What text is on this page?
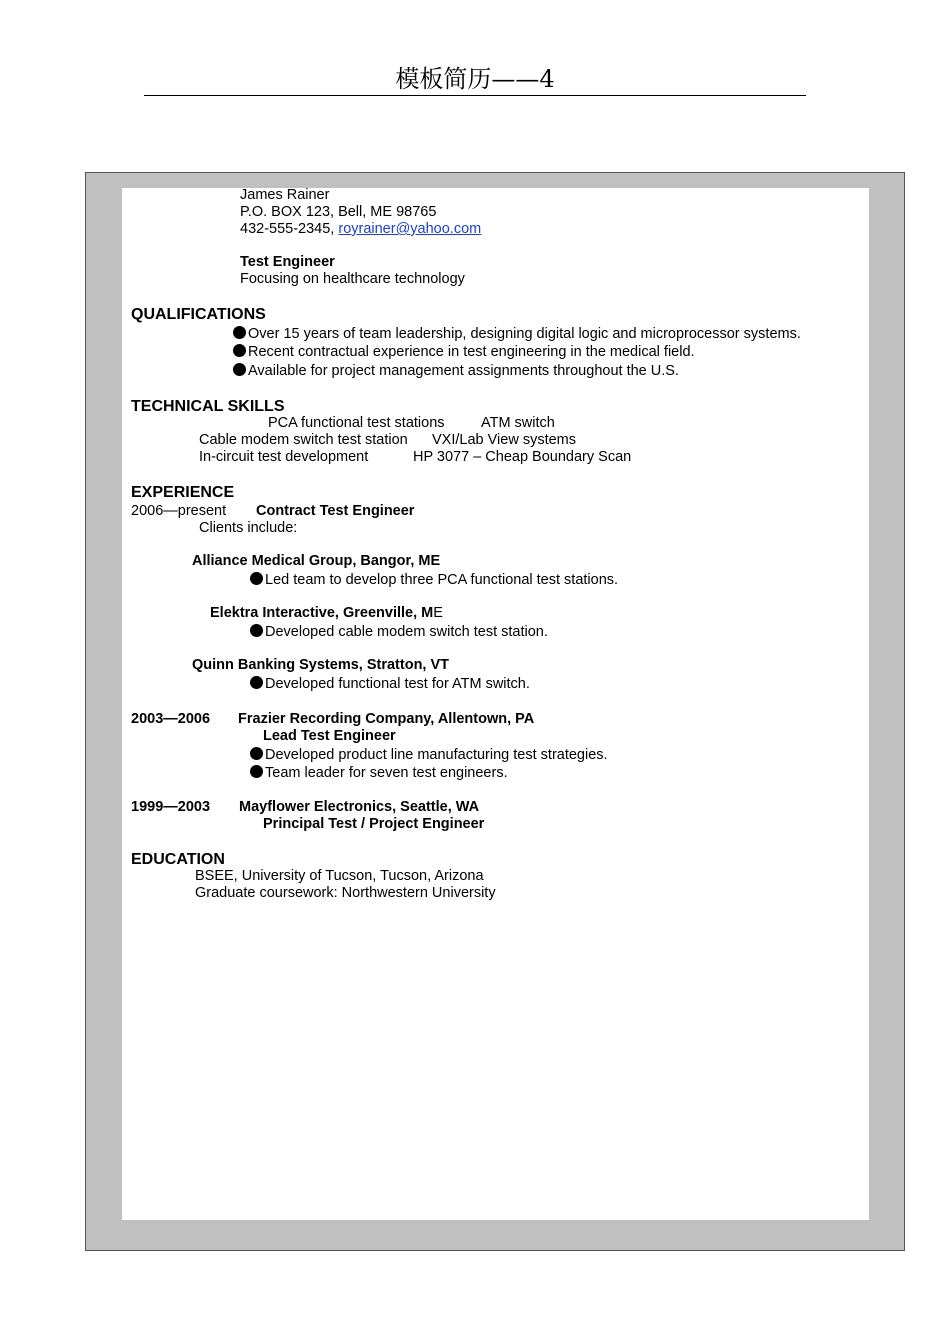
模板简历——4
James Rainer
P.O. BOX 123, Bell, ME 98765
432-555-2345, royrainer@yahoo.com
Test Engineer
Focusing on healthcare technology
QUALIFICATIONS
Over 15 years of team leadership, designing digital logic and microprocessor systems.
Recent contractual experience in test engineering in the medical field.
Available for project management assignments throughout the U.S.
TECHNICAL SKILLS
PCA functional test stations	ATM switch
Cable modem switch test station VXI/Lab View systems
In-circuit test development	HP 3077 – Cheap Boundary Scan
EXPERIENCE
2006—present Contract Test Engineer
Clients include:
Alliance Medical Group, Bangor, ME
Led team to develop three PCA functional test stations.
Elektra Interactive, Greenville, ME
Developed cable modem switch test station.
Quinn Banking Systems, Stratton, VT
Developed functional test for ATM switch.
2003—2006 Frazier Recording Company, Allentown, PA
Lead Test Engineer
Developed product line manufacturing test strategies.
Team leader for seven test engineers.
1999—2003 Mayflower Electronics, Seattle, WA
Principal Test / Project Engineer
EDUCATION
BSEE, University of Tucson, Tucson, Arizona
Graduate coursework: Northwestern University
